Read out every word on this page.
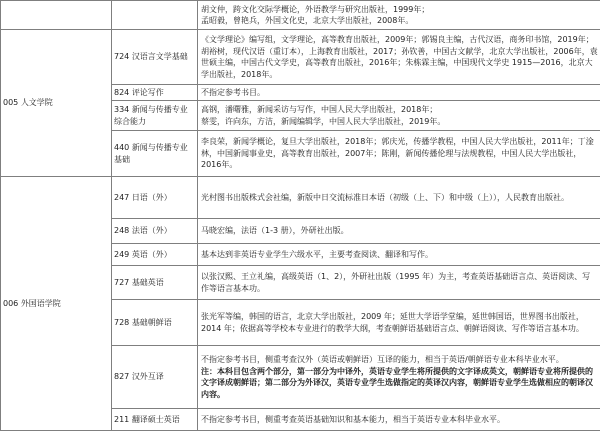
		胡文仲，跨文化交际学概论，外语教学与研究出版社，1999年；

孟昭毅，曾艳兵，外国文化史，北京大学出版社，2008年。

005 人文学院	724 汉语言文学基础	《文学理论》编写组，文学理论，高等教育出版社，2009年；郭锡良主编，古代汉语，商务印书馆，2019年；胡裕树，现代汉语（重订本），上海教育出版社，2017；孙钦善，中国古文献学，北京大学出版社，2006年，袁世硕主编，中国古代文学史，高等教育出版社，2016年；朱栋霖主编，中国现代文学史 1915—2016，北京大学出版社，2018年。

	824 评论写作	不指定参考书目。

	334 新闻与传播专业综合能力	高钢，潘曙雅，新闻采访与写作，中国人民大学出版社，2018年；

蔡雯，许向东，方洁，新闻编辑学，中国人民大学出版社，2019年。

	440 新闻与传播专业基础	李良荣，新闻学概论，复旦大学出版社，2018年；郭庆光，传播学教程，中国人民大学出版社，2011年；丁淦林，中国新闻事业史，高等教育出版社，2007年；陈刚，新闻传播伦理与法规教程，中国人民大学出版社，2016年。

006 外国语学院	247 日语（外）	光村图书出版株式会社编，新版中日交流标准日本语（初级（上、下）和中级（上）），人民教育出版社。

	248 法语（外）	马晓宏编，法语（1-3 册），外研社出版。

	249 英语（外）	基本达到非英语专业学生六级水平，主要考查阅读、翻译和写作。

	727 基础英语	以张汉熙、王立礼编，高级英语（1、2），外研社出版（1995 年）为主，考查英语基础语言点、英语阅读、写作等语言基本功。

	728 基础朝鲜语	张光军等编，韩国的语言，北京大学出版社，2009 年；延世大学语学堂编，延世韩国语，世界图书出版社，2014 年；依据高等学校本专业进行的教学大纲，考查朝鲜语基础语言点、朝鲜语阅读、写作等语言基本功。

	827 汉外互译	不指定参考书目，侧重考查汉外（英语或朝鲜语）互译的能力，相当于英语/朝鲜语专业本科毕业水平。

注：本科目包含两个部分，第一部分为中译外，英语专业学生将所提供的文字译成英文，朝鲜语专业将所提供的文字译成朝鲜语；第二部分为外译汉，英语专业学生选做指定的英译汉内容，朝鲜语专业学生选做相应的朝译汉内容。

	211 翻译硕士英语	不指定参考书目，侧重考查英语基础知识和基本能力，相当于英语专业本科毕业水平。
